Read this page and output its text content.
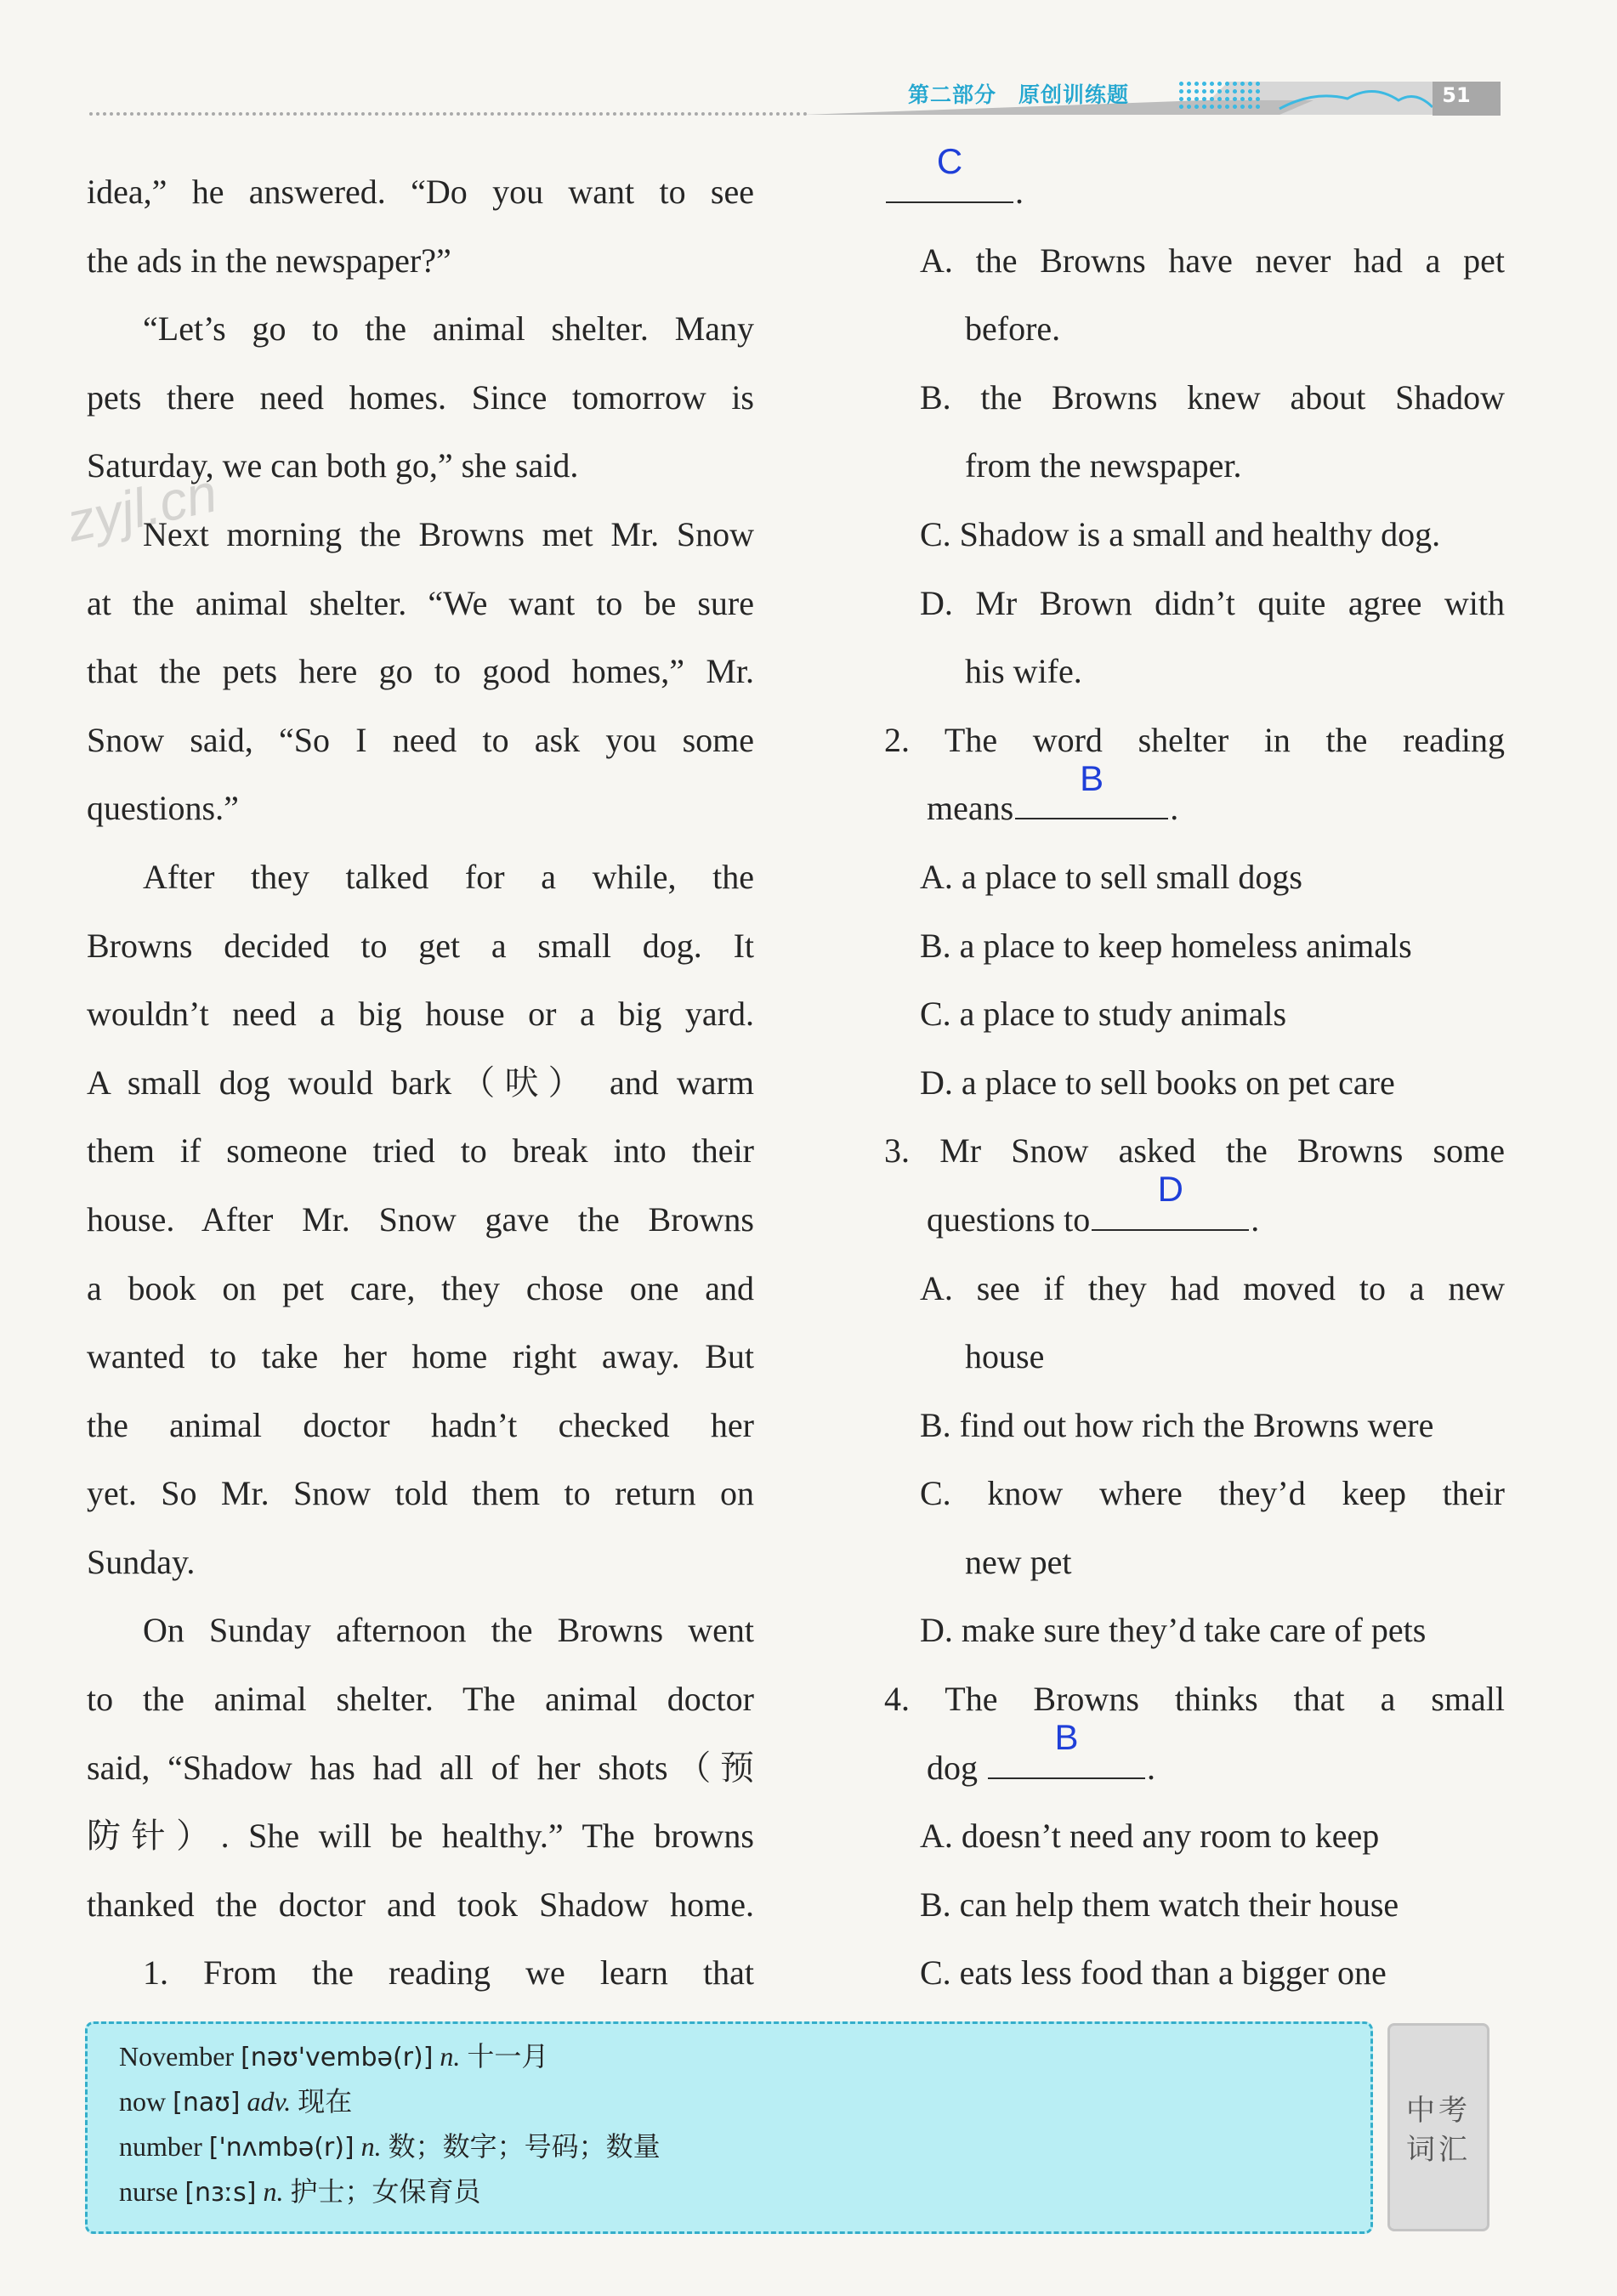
第二部分　原创训练题	51
zyjl.cn
idea,” he answered. “Do you want to see
the ads in the newspaper?”
“Let’s go to the animal shelter. Many
pets there need homes. Since tomorrow is
Saturday, we can both go,” she said.
Next morning the Browns met Mr. Snow
at the animal shelter. “We want to be sure
that the pets here go to good homes,” Mr.
Snow said, “So I need to ask you some
questions.”
After they talked for a while, the
Browns decided to get a small dog. It
wouldn’t need a big house or a big yard.
A small dog would bark（吠） and warm
them if someone tried to break into their
house. After Mr. Snow gave the Browns
a book on pet care, they chose one and
wanted to take her home right away. But
the animal doctor hadn’t checked her
yet. So Mr. Snow told them to return on
Sunday.
On Sunday afternoon the Browns went
to the animal shelter. The animal doctor
said, “Shadow has had all of her shots（预
防针）. She will be healthy.” The browns
thanked the doctor and took Shadow home.
1. From the reading we learn that
C
.
A. the Browns have never had a pet
before.
B. the Browns knew about Shadow
from the newspaper.
C. Shadow is a small and healthy dog.
D. Mr Brown didn’t quite agree with
his wife.
2. The word shelter in the reading
means
B
.
A. a place to sell small dogs
B. a place to keep homeless animals
C. a place to study animals
D. a place to sell books on pet care
3. Mr Snow asked the Browns some
questions to
D
.
A. see if they had moved to a new
house
B. find out how rich the Browns were
C. know where they’d keep their
new pet
D. make sure they’d take care of pets
4. The Browns thinks that a small
dog
B
.
A. doesn’t need any room to keep
B. can help them watch their house
C. eats less food than a bigger one
November [nəʊ'vembə(r)] n. 十一月
now [naʊ] adv. 现在
number ['nʌmbə(r)] n. 数；数字；号码；数量
nurse [nɜːs] n. 护士；女保育员
中考
词汇
